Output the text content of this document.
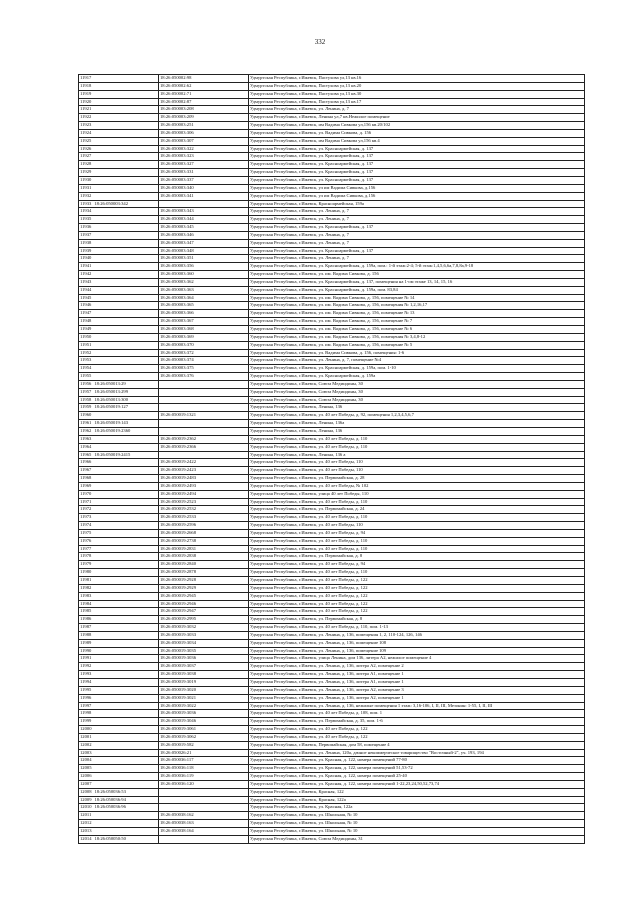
332
11917	18:26:050002:98	Удмуртская Республика, г.Ижевск, Пастухова ул,13 кв.16
11918	18:26:050002:62	Удмуртская Республика, г.Ижевск, Пастухова ул,13 кв.20
11919	18:26:050002:71	Удмуртская Республика, г.Ижевск, Пастухова ул,13 кв.30
11920	18:26:050002:87	Удмуртская Республика, г.Ижевск, Пастухова ул,13 кв.17
11921	18:26:050003:208	Удмуртская Республика, г.Ижевск, ул. Ленина, д. 7
11922	18:26:050003:209	Удмуртская Республика, г.Ижевск, Ленина ул,7 кв.Нежилое помещение
11923	18:26:050003:251	Удмуртская Республика, г.Ижевск, им Вадима Сивкова ул,156 кв.20/102
11924	18:26:050003:306	Удмуртская Республика, г.Ижевск, ул. Вадима Сивкова, д. 156
11925	18:26:050003:307	Удмуртская Республика, г.Ижевск, им Вадима Сивкова ул,156 кв.4
11926	18:26:050003:322	Удмуртская Республика, г.Ижевск, ул. Красноармейская, д. 137
11927	18:26:050003:323	Удмуртская Республика, г.Ижевск, ул. Красноармейская, д. 137
11928	18:26:050003:327	Удмуртская Республика, г.Ижевск, ул. Красноармейская, д. 137
11929	18:26:050003:331	Удмуртская Республика, г.Ижевск, ул. Красноармейская, д. 137
11930	18:26:050003:337	Удмуртская Республика, г.Ижевск, ул. Красноармейская, д. 137
11931	18:26:050003:340	Удмуртская Республика, г.Ижевск, ул им Вадима Сивкова, д.156
11932	18:26:050003:341	Удмуртская Республика, г.Ижевск, ул им Вадима Сивкова, д.156
11933 18:26:050003:342		Удмуртская Республика, г.Ижевск, Красноармейская, 159а
11934	18:26:050003:343	Удмуртская Республика, г.Ижевск, ул. Ленина, д. 7
11935	18:26:050003:344	Удмуртская Республика, г.Ижевск, ул. Ленина, д. 7
11936	18:26:050003:345	Удмуртская Республика, г.Ижевск, ул. Красноармейская, д. 137
11937	18:26:050003:346	Удмуртская Республика, г.Ижевск, ул. Ленина, д. 7
11938	18:26:050003:347	Удмуртская Республика, г.Ижевск, ул. Ленина, д. 7
11939	18:26:050003:348	Удмуртская Республика, г.Ижевск, ул. Красноармейская, д. 137
11940	18:26:050003:351	Удмуртская Республика, г.Ижевск, ул. Ленина, д. 7
11941	18:26:050003:356	Удмуртская Республика, г.Ижевск, ул. Красноармейская, д. 159а, пом.: 1-й этаж:2-4; 5-й этаж:1,4,5,6,6а,7,8,8а,9-18
11942	18:26:050003:360	Удмуртская Республика, г.Ижевск, ул. им. Вадима Сивкова, д. 156
11943	18:26:050003:362	Удмуртская Республика, г.Ижевск, ул. Красноармейская, д. 137, помещения на 1-ом этаже 13, 14, 15, 16
11944	18:26:050003:363	Удмуртская Республика, г.Ижевск, ул. Красноармейская, д. 159а, пом. 83,84
11945	18:26:050003:364	Удмуртская Республика, г.Ижевск, ул. им. Вадима Сивкова, д. 156, помещение № 14
11946	18:26:050003:365	Удмуртская Республика, г.Ижевск, ул. им. Вадима Сивкова, д. 156, помещения № 1,2,16,17
11947	18:26:050003:366	Удмуртская Республика, г.Ижевск, ул. им. Вадима Сивкова, д. 156, помещение № 13
11948	18:26:050003:367	Удмуртская Республика, г.Ижевск, ул. им. Вадима Сивкова, д. 156, помещение № 7
11949	18:26:050003:368	Удмуртская Республика, г.Ижевск, ул. им. Вадима Сивкова, д. 156, помещение № 6
11950	18:26:050003:369	Удмуртская Республика, г.Ижевск, ул. им. Вадима Сивкова, д. 156, помещения № 3,4,8-12
11951	18:26:050003:370	Удмуртская Республика, г.Ижевск, ул. им. Вадима Сивкова, д. 156, помещение № 5
11952	18:26:050003:372	Удмуртская Республика, г.Ижевск, ул. Вадима Сивкова, д. 156, помещения: 1-6
11953	18:26:050003:374	Удмуртская Республика, г.Ижевск, ул. Ленина, д. 7, помещение №4
11954	18:26:050003:375	Удмуртская Республика, г.Ижевск, ул. Красноармейская, д. 159а, пом. 1-10
11955	18:26:050003:376	Удмуртская Республика, г.Ижевск, ул. Красноармейская, д. 159а
11956 18:26:050013:29		Удмуртская Республика, г.Ижевск, Союза Медиццины, 30
11957 18:26:050013:299		Удмуртская Республика, г.Ижевск, Союза Медиццины, 30
11958 18:26:050013:300		Удмуртская Республика, г.Ижевск, Союза Медиццины, 30
11959 18:26:050019:127		Удмуртская Республика, г.Ижевск, Ленина, 136
11960	18:26:050019:1321	Удмуртская Республика, г.Ижевск, ул. 40 лет Победы, д. 92, помещения 1,2,3,4,5,6,7
11961 18:26:050019:143		Удмуртская Республика, г.Ижевск, Ленина, 136а
11962 18:26:050019:2360		Удмуртская Республика, г.Ижевск, Ленина, 136
11963	18:26:050019:2362	Удмуртская Республика, г.Ижевск, ул. 40 лет Победы, д. 110
11964	18:26:050019:2366	Удмуртская Республика, г.Ижевск, ул. 40 лет Победы, д. 110
11965 18:26:050019:2415		Удмуртская Республика, г.Ижевск, Ленина, 136 а
11966	18:26:050019:2422	Удмуртская Республика, г.Ижевск, ул. 40 лет Победы, 110
11967	18:26:050019:2423	Удмуртская Республика, г.Ижевск, ул. 40 лет Победы, 110
11968	18:26:050019:2483	Удмуртская Республика, г.Ижевск, ул. Первомайская, д. 28
11969	18:26:050019:2493	Удмуртская Республика, г.Ижевск, ул. 40 лет Победы, № 102
11970	18:26:050019:2494	Удмуртская Республика, г.Ижевск, улица 40 лет Победы, 110
11971	18:26:050019:2523	Удмуртская Республика, г.Ижевск, ул. 40 лет Победы, д. 110
11972	18:26:050019:2532	Удмуртская Республика, г.Ижевск, ул. Первомайская, д. 24
11973	18:26:050019:2533	Удмуртская Республика, г.Ижевск, ул. 40 лет Победы, д. 110
11974	18:26:050019:2596	Удмуртская Республика, г.Ижевск, ул. 40 лет Победы, 110
11975	18:26:050019:2668	Удмуртская Республика, г.Ижевск, ул. 40 лет Победы, д. 94
11976	18:26:050019:2738	Удмуртская Республика, г.Ижевск, ул. 40 лет Победы, д. 110
11977	18:26:050019:2831	Удмуртская Республика, г.Ижевск, ул. 40 лет Победы, д. 110
11978	18:26:050019:2838	Удмуртская Республика, г.Ижевск, ул. Первомайская, д. 8
11979	18:26:050019:2840	Удмуртская Республика, г.Ижевск, ул. 40 лет Победы, д. 94
11980	18:26:050019:2878	Удмуртская Республика, г.Ижевск, ул. 40 лет Победы, д. 110
11981	18:26:050019:2928	Удмуртская Республика, г.Ижевск, ул. 40 лет Победы, д. 122
11982	18:26:050019:2929	Удмуртская Республика, г.Ижевск, ул. 40 лет Победы, д. 122
11983	18:26:050019:2945	Удмуртская Республика, г.Ижевск, ул. 40 лет Победы, д. 122
11984	18:26:050019:2946	Удмуртская Республика, г.Ижевск, ул. 40 лет Победы, д. 122
11985	18:26:050019:2947	Удмуртская Республика, г.Ижевск, ул. 40 лет Победы, д. 122
11986	18:26:050019:2995	Удмуртская Республика, г.Ижевск, ул. Первомайская, д. 8
11987	18:26:050019:3032	Удмуртская Республика, г.Ижевск, ул. 40 лет Победы, д. 110, пом. 1-13
11988	18:26:050019:3033	Удмуртская Республика, г.Ижевск, ул. Ленина, д. 136, помещения 1, 2, 110-124, 126, 146
11989	18:26:050019:3034	Удмуртская Республика, г.Ижевск, ул. Ленина, д. 136, помещение 108
11990	18:26:050019:3035	Удмуртская Республика, г.Ижевск, ул. Ленина, д. 136, помещение 109
11991	18:26:050019:3036	Удмуртская Республика, г.Ижевск, улица Ленина, дом 136, литера А2, нежилое помещение 4
11992	18:26:050019:3037	Удмуртская Республика, г.Ижевск, ул. Ленина, д. 136, литера А2, помещение 2
11993	18:26:050019:3038	Удмуртская Республика, г.Ижевск, ул. Ленина, д. 136, литера А1, помещение 1
11994	18:26:050019:3019	Удмуртская Республика, г.Ижевск, ул. Ленина, д. 136, литера А1, помещение 1
11995	18:26:050019:3020	Удмуртская Республика, г.Ижевск, ул. Ленина, д. 136, литера А2, помещение 3
11996	18:26:050019:3021	Удмуртская Республика, г.Ижевск, ул. Ленина, д. 136, литера А2, помещение 1
11997	18:26:050019:3022	Удмуртская Республика, г.Ижевск, ул. Ленина, д. 136, нежилые помещения 1 этаж: 3,16-106, I, II, III, Мезонин: 1-55, I, II, III
11998	18:26:050019:3036	Удмуртская Республика, г.Ижевск, ул. 40 лет Победы, д. 108, пом. 1
11999	18:26:050019:3046	Удмуртская Республика, г.Ижевск, ул. Первомайская, д. 35, пом. 1-6
12000	18:26:050019:3061	Удмуртская Республика, г.Ижевск, ул. 40 лет Победы, д. 122
12001	18:26:050019:3062	Удмуртская Республика, г.Ижевск, ул. 40 лет Победы, д. 122
12002	18:26:050019:582	Удмуртская Республика, г.Ижевск, Первомайская, дом 58, помещение 4
12003	18:26:050026:21	Удмуртская Республика, г.Ижевск, ул. Ленина, 120а, дачное некоммерческое товарищество "Восточный-2", уч. 193, 194
12004	18:26:050036:117	Удмуртская Республика, г.Ижевск, ул. Красная, д. 122, номера помещений 77-80
12005	18:26:050036:118	Удмуртская Республика, г.Ижевск, ул. Красная, д. 122, номера помещений 51,53-72
12006	18:26:050036:119	Удмуртская Республика, г.Ижевск, ул. Красная, д. 122, номера помещений 25-40
12007	18:26:050036:120	Удмуртская Республика, г.Ижевск, ул. Красная, д. 122, номера помещений 1-22,23,24,50,52,73,74
12008 18:26:050036:53		Удмуртская Республика, г.Ижевск, Красная, 122
12009 18:26:050036:94		Удмуртская Республика, г.Ижевск, Красная, 122а
12010 18:26:050036:96		Удмуртская Республика, г.Ижевск, ул. Красная, 122а
12011	18:26:050038:162	Удмуртская Республика, г.Ижевск, ул. Школьная, № 10
12012	18:26:050038:163	Удмуртская Республика, г.Ижевск, ул. Школьная, № 10
12013	18:26:050038:164	Удмуртская Республика, г.Ижевск, ул. Школьная, № 10
12014 18:26:050050:50		Удмуртская Республика, г.Ижевск, Союза Медиццины, 31
